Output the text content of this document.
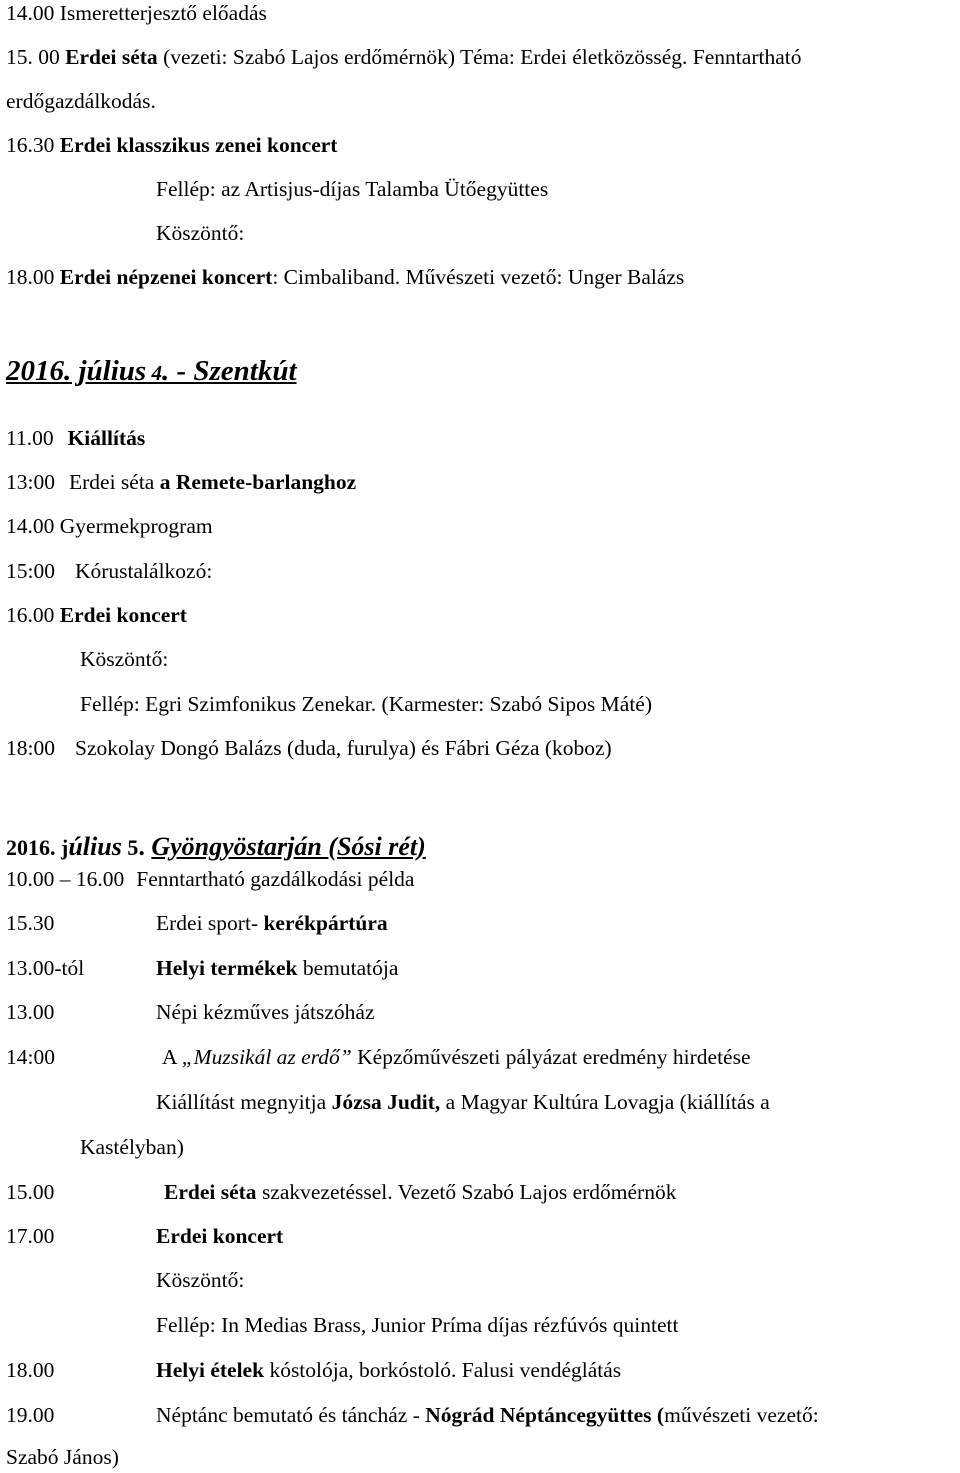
14.00 Ismeretterjesztő előadás
15. 00 Erdei séta (vezeti: Szabó Lajos erdőmérnök) Téma: Erdei életközösség. Fenntartható
erdőgazdálkodás.
16.30 Erdei klasszikus zenei koncert
Fellép: az Artisjus-díjas Talamba Ütőegyüttes
Köszöntő:
18.00 Erdei népzenei koncert: Cimbaliband. Művészeti vezető: Unger Balázs
2016. július 4. - Szentkút
11.00 Kiállítás
13:00 Erdei séta a Remete-barlanghoz
14.00 Gyermekprogram
15:00 Kórustalálkozó:
16.00 Erdei koncert
Köszöntő:
Fellép: Egri Szimfonikus Zenekar. (Karmester: Szabó Sipos Máté)
18:00 Szokolay Dongó Balázs (duda, furulya) és Fábri Géza (koboz)
2016. július 5. Gyöngyöstarján (Sósi rét)
10.00 – 16.00 Fenntartható gazdálkodási példa
15.30	Erdei sport- kerékpártúra
13.00-tól	Helyi termékek bemutatója
13.00	Népi kézműves játszóház
14:00	A „Muzsikál az erdő” Képzőművészeti pályázat eredmény hirdetése
Kiállítást megnyitja Józsa Judit, a Magyar Kultúra Lovagja (kiállítás a
Kastélyban)
15.00	Erdei séta szakvezetéssel. Vezető Szabó Lajos erdőmérnök
17.00	Erdei koncert
Köszöntő:
Fellép: In Medias Brass, Junior Príma díjas rézfúvós quintett
18.00	Helyi ételek kóstolója, borkóstoló. Falusi vendéglátás
19.00	Néptánc bemutató és táncház - Nógrád Néptáncegyüttes (művészeti vezető:
Szabó János)
